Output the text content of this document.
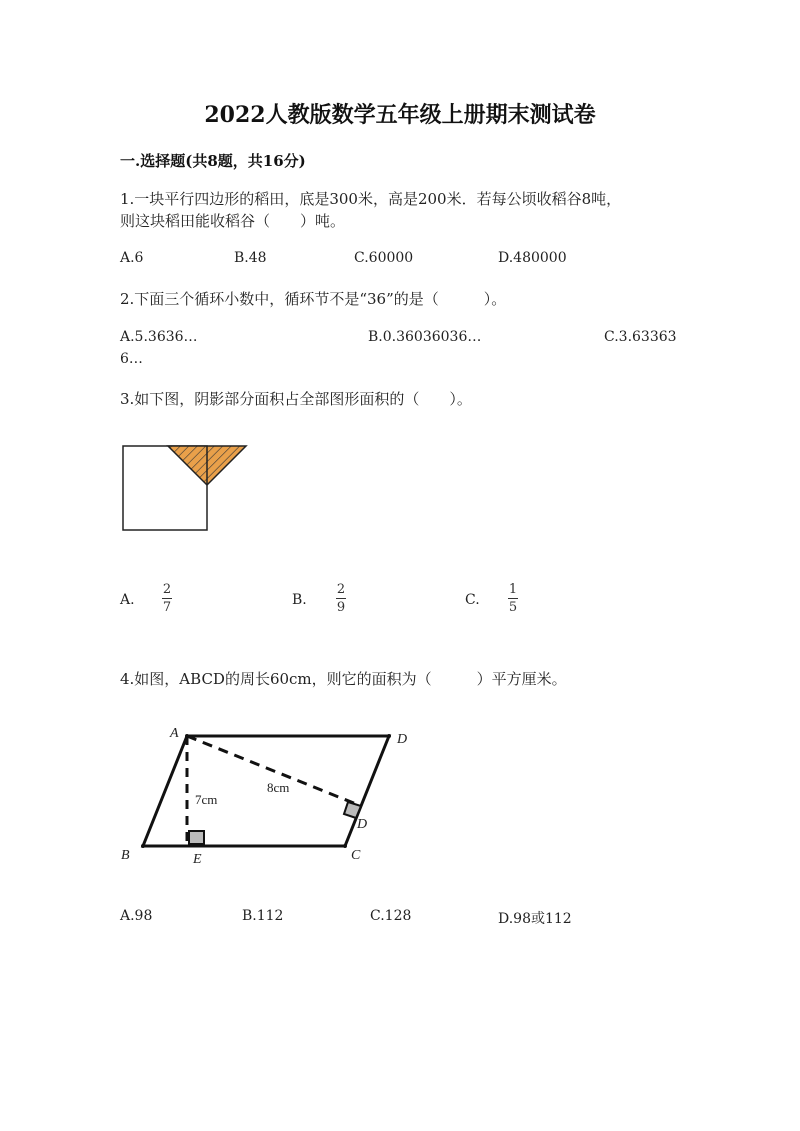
2022人教版数学五年级上册期末测试卷
一.选择题(共8题，共16分)
1.一块平行四边形的稻田，底是300米，高是200米．若每公顷收稻谷8吨，
则这块稻田能收稻谷（　　）吨。
A.6	B.48	C.60000	D.480000
2.下面三个循环小数中，循环节不是“36”的是（　　　）。
A.5.3636…	B.0.36036036…	C.3.63363
6…
3.如下图，阴影部分面积占全部图形面积的（　　）。
A.
2
7	B.
2
9	C.
1
5
4.如图，ABCD的周长60cm，则它的面积为（　　　）平方厘米。
A	D
B	E	C
D
7cm
8cm
A.98	B.112	C.128	D.98或112
